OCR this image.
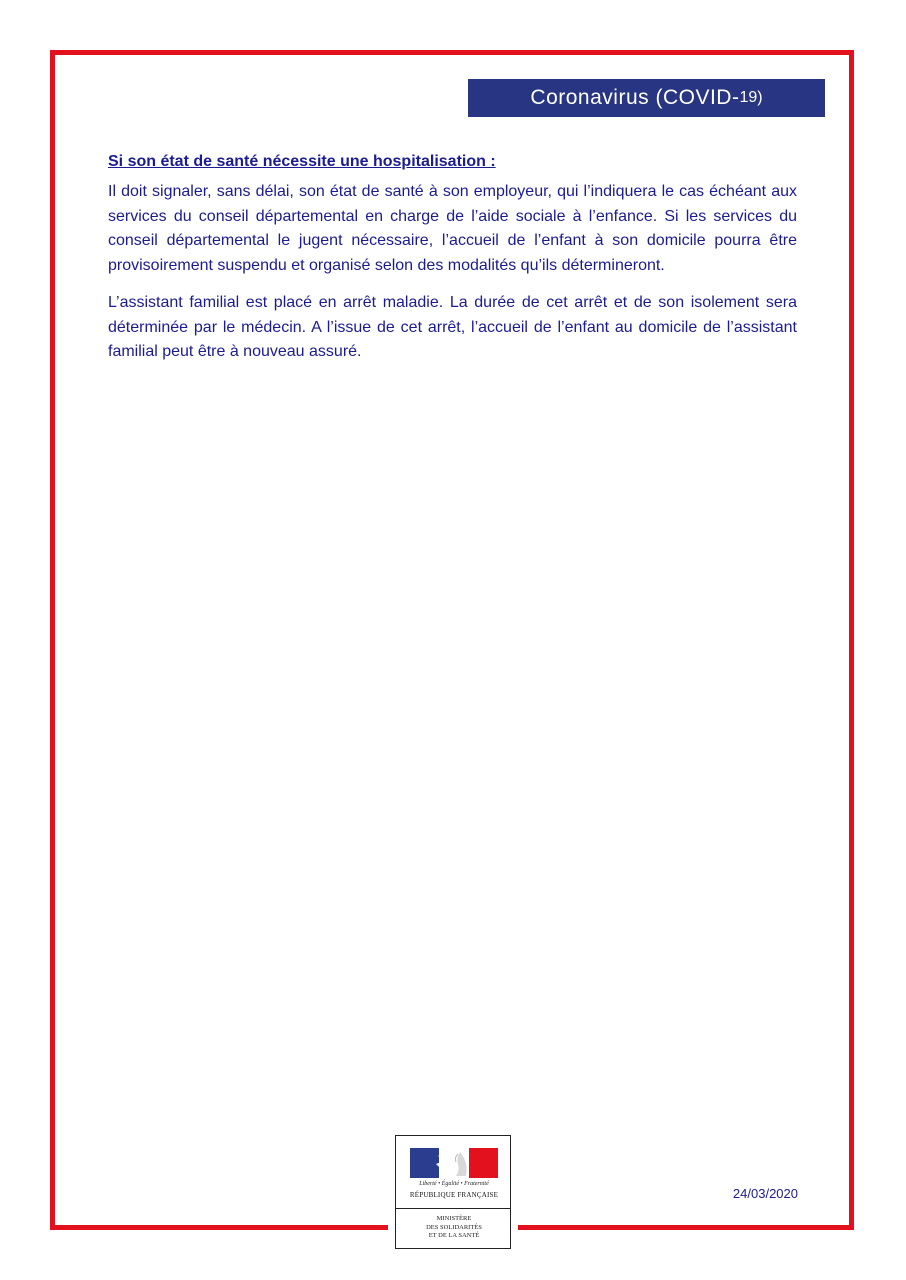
Coronavirus (COVID- 19)

Si son état de santé nécessite une hospitalisation :

Il doit signaler, sans délai, son état de santé à son employeur, qui l’indiquera le cas échéant aux services du conseil départemental en charge de l’aide sociale à l’enfance. Si les services du conseil départemental le jugent nécessaire, l’accueil de l’enfant à son domicile pourra être provisoirement suspendu et organisé selon des modalités qu’ils détermineront.

L’assistant familial est placé en arrêt maladie. La durée de cet arrêt et de son isolement sera déterminée par le médecin. A l’issue de cet arrêt, l’accueil de l’enfant au domicile de l’assistant familial peut être à nouveau assuré.

Liberté • Égalité • Fraternité
RÉPUBLIQUE FRANÇAISE
MINISTÈRE
DES SOLIDARITÉS
ET DE LA SANTÉ
24/03/2020
